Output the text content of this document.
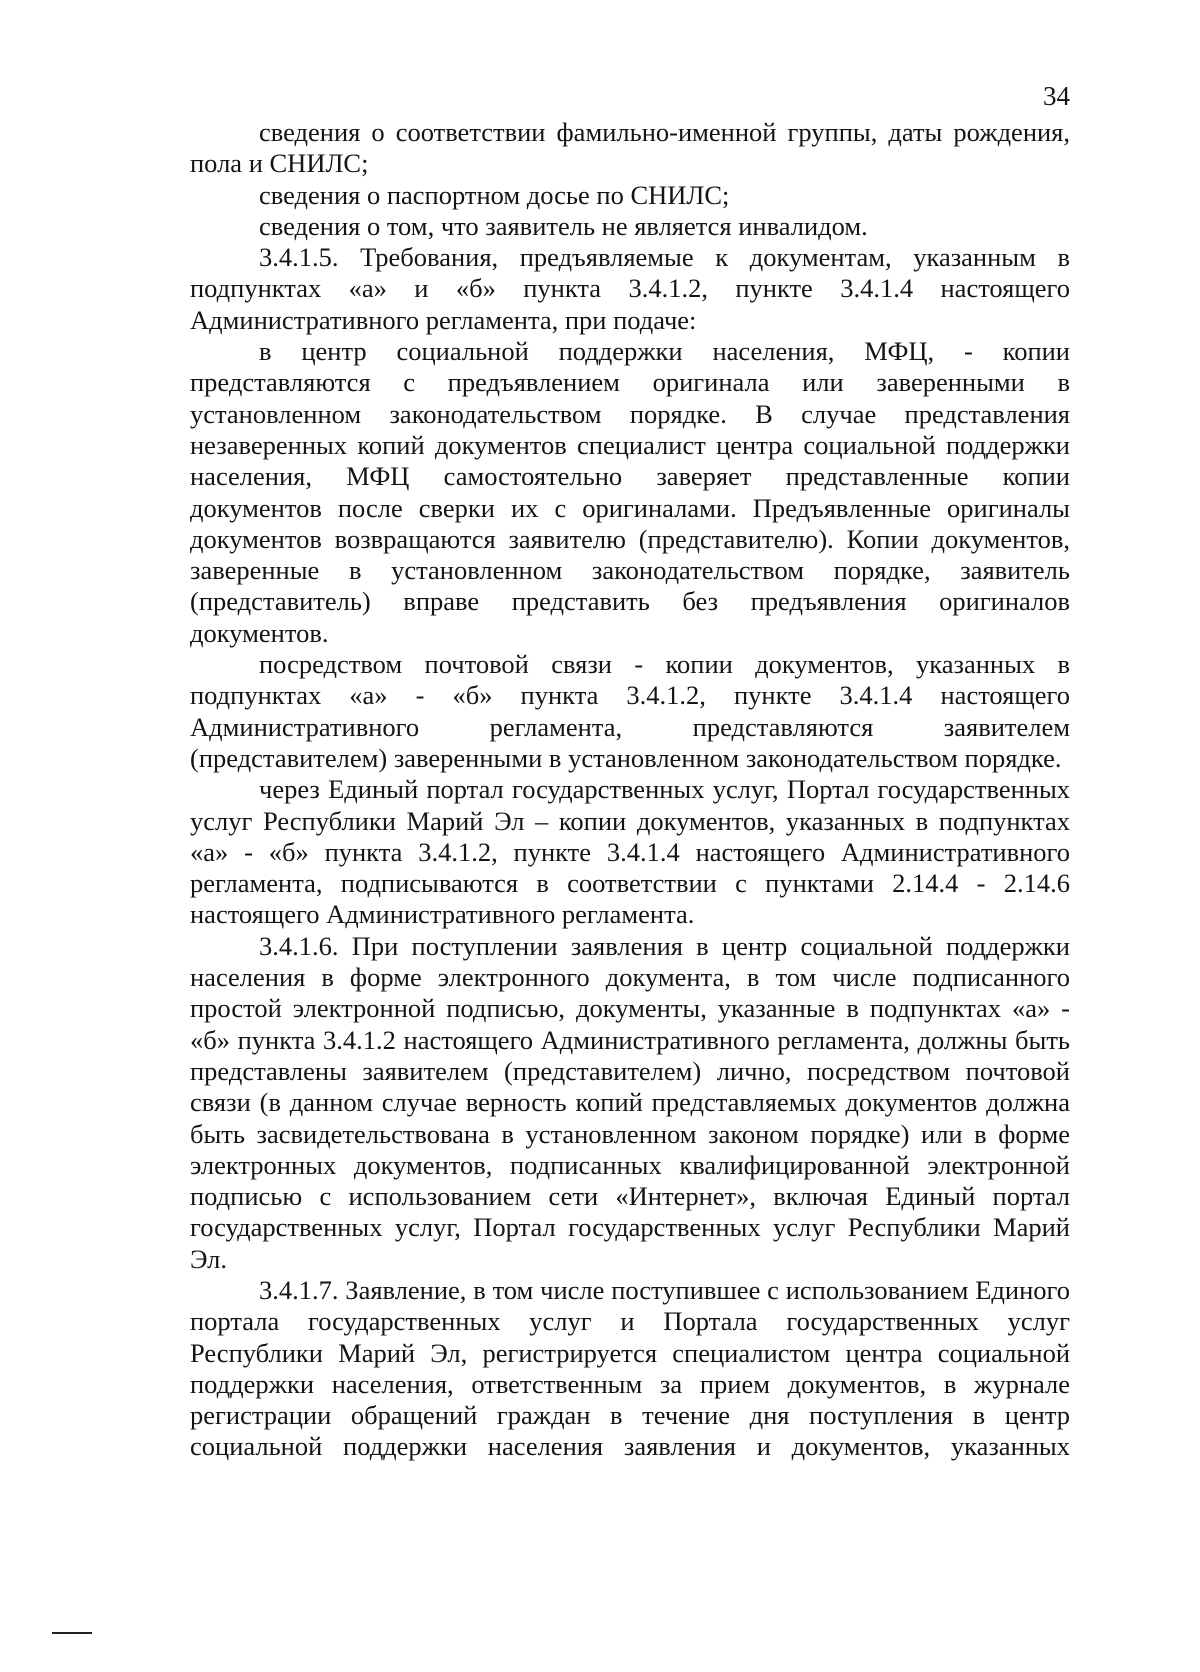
34

сведения о соответствии фамильно-именной группы, даты рождения, пола и СНИЛС;

сведения о паспортном досье по СНИЛС;

сведения о том, что заявитель не является инвалидом.

3.4.1.5. Требования, предъявляемые к документам, указанным в подпунктах «а» и «б» пункта 3.4.1.2, пункте 3.4.1.4 настоящего Административного регламента, при подаче:

в центр социальной поддержки населения, МФЦ, - копии представляются с предъявлением оригинала или заверенными в установленном законодательством порядке. В случае представления незаверенных копий документов специалист центра социальной поддержки населения, МФЦ самостоятельно заверяет представленные копии документов после сверки их с оригиналами. Предъявленные оригиналы документов возвращаются заявителю (представителю). Копии документов, заверенные в установленном законодательством порядке, заявитель (представитель) вправе представить без предъявления оригиналов документов.

посредством почтовой связи - копии документов, указанных в подпунктах «а» - «б» пункта 3.4.1.2, пункте 3.4.1.4 настоящего Административного регламента, представляются заявителем (представителем) заверенными в установленном законодательством порядке.

через Единый портал государственных услуг, Портал государственных услуг Республики Марий Эл – копии документов, указанных в подпунктах «а» - «б» пункта 3.4.1.2, пункте 3.4.1.4 настоящего Административного регламента, подписываются в соответствии с пунктами 2.14.4 - 2.14.6 настоящего Административного регламента.

3.4.1.6. При поступлении заявления в центр социальной поддержки населения в форме электронного документа, в том числе подписанного простой электронной подписью, документы, указанные в подпунктах «а» - «б» пункта 3.4.1.2 настоящего Административного регламента, должны быть представлены заявителем (представителем) лично, посредством почтовой связи (в данном случае верность копий представляемых документов должна быть засвидетельствована в установленном законом порядке) или в форме электронных документов, подписанных квалифицированной электронной подписью с использованием сети «Интернет», включая Единый портал государственных услуг, Портал государственных услуг Республики Марий Эл.

3.4.1.7. Заявление, в том числе поступившее с использованием Единого портала государственных услуг и Портала государственных услуг Республики Марий Эл, регистрируется специалистом центра социальной поддержки населения, ответственным за прием документов, в журнале регистрации обращений граждан в течение дня поступления в центр социальной поддержки населения заявления и документов, указанных
